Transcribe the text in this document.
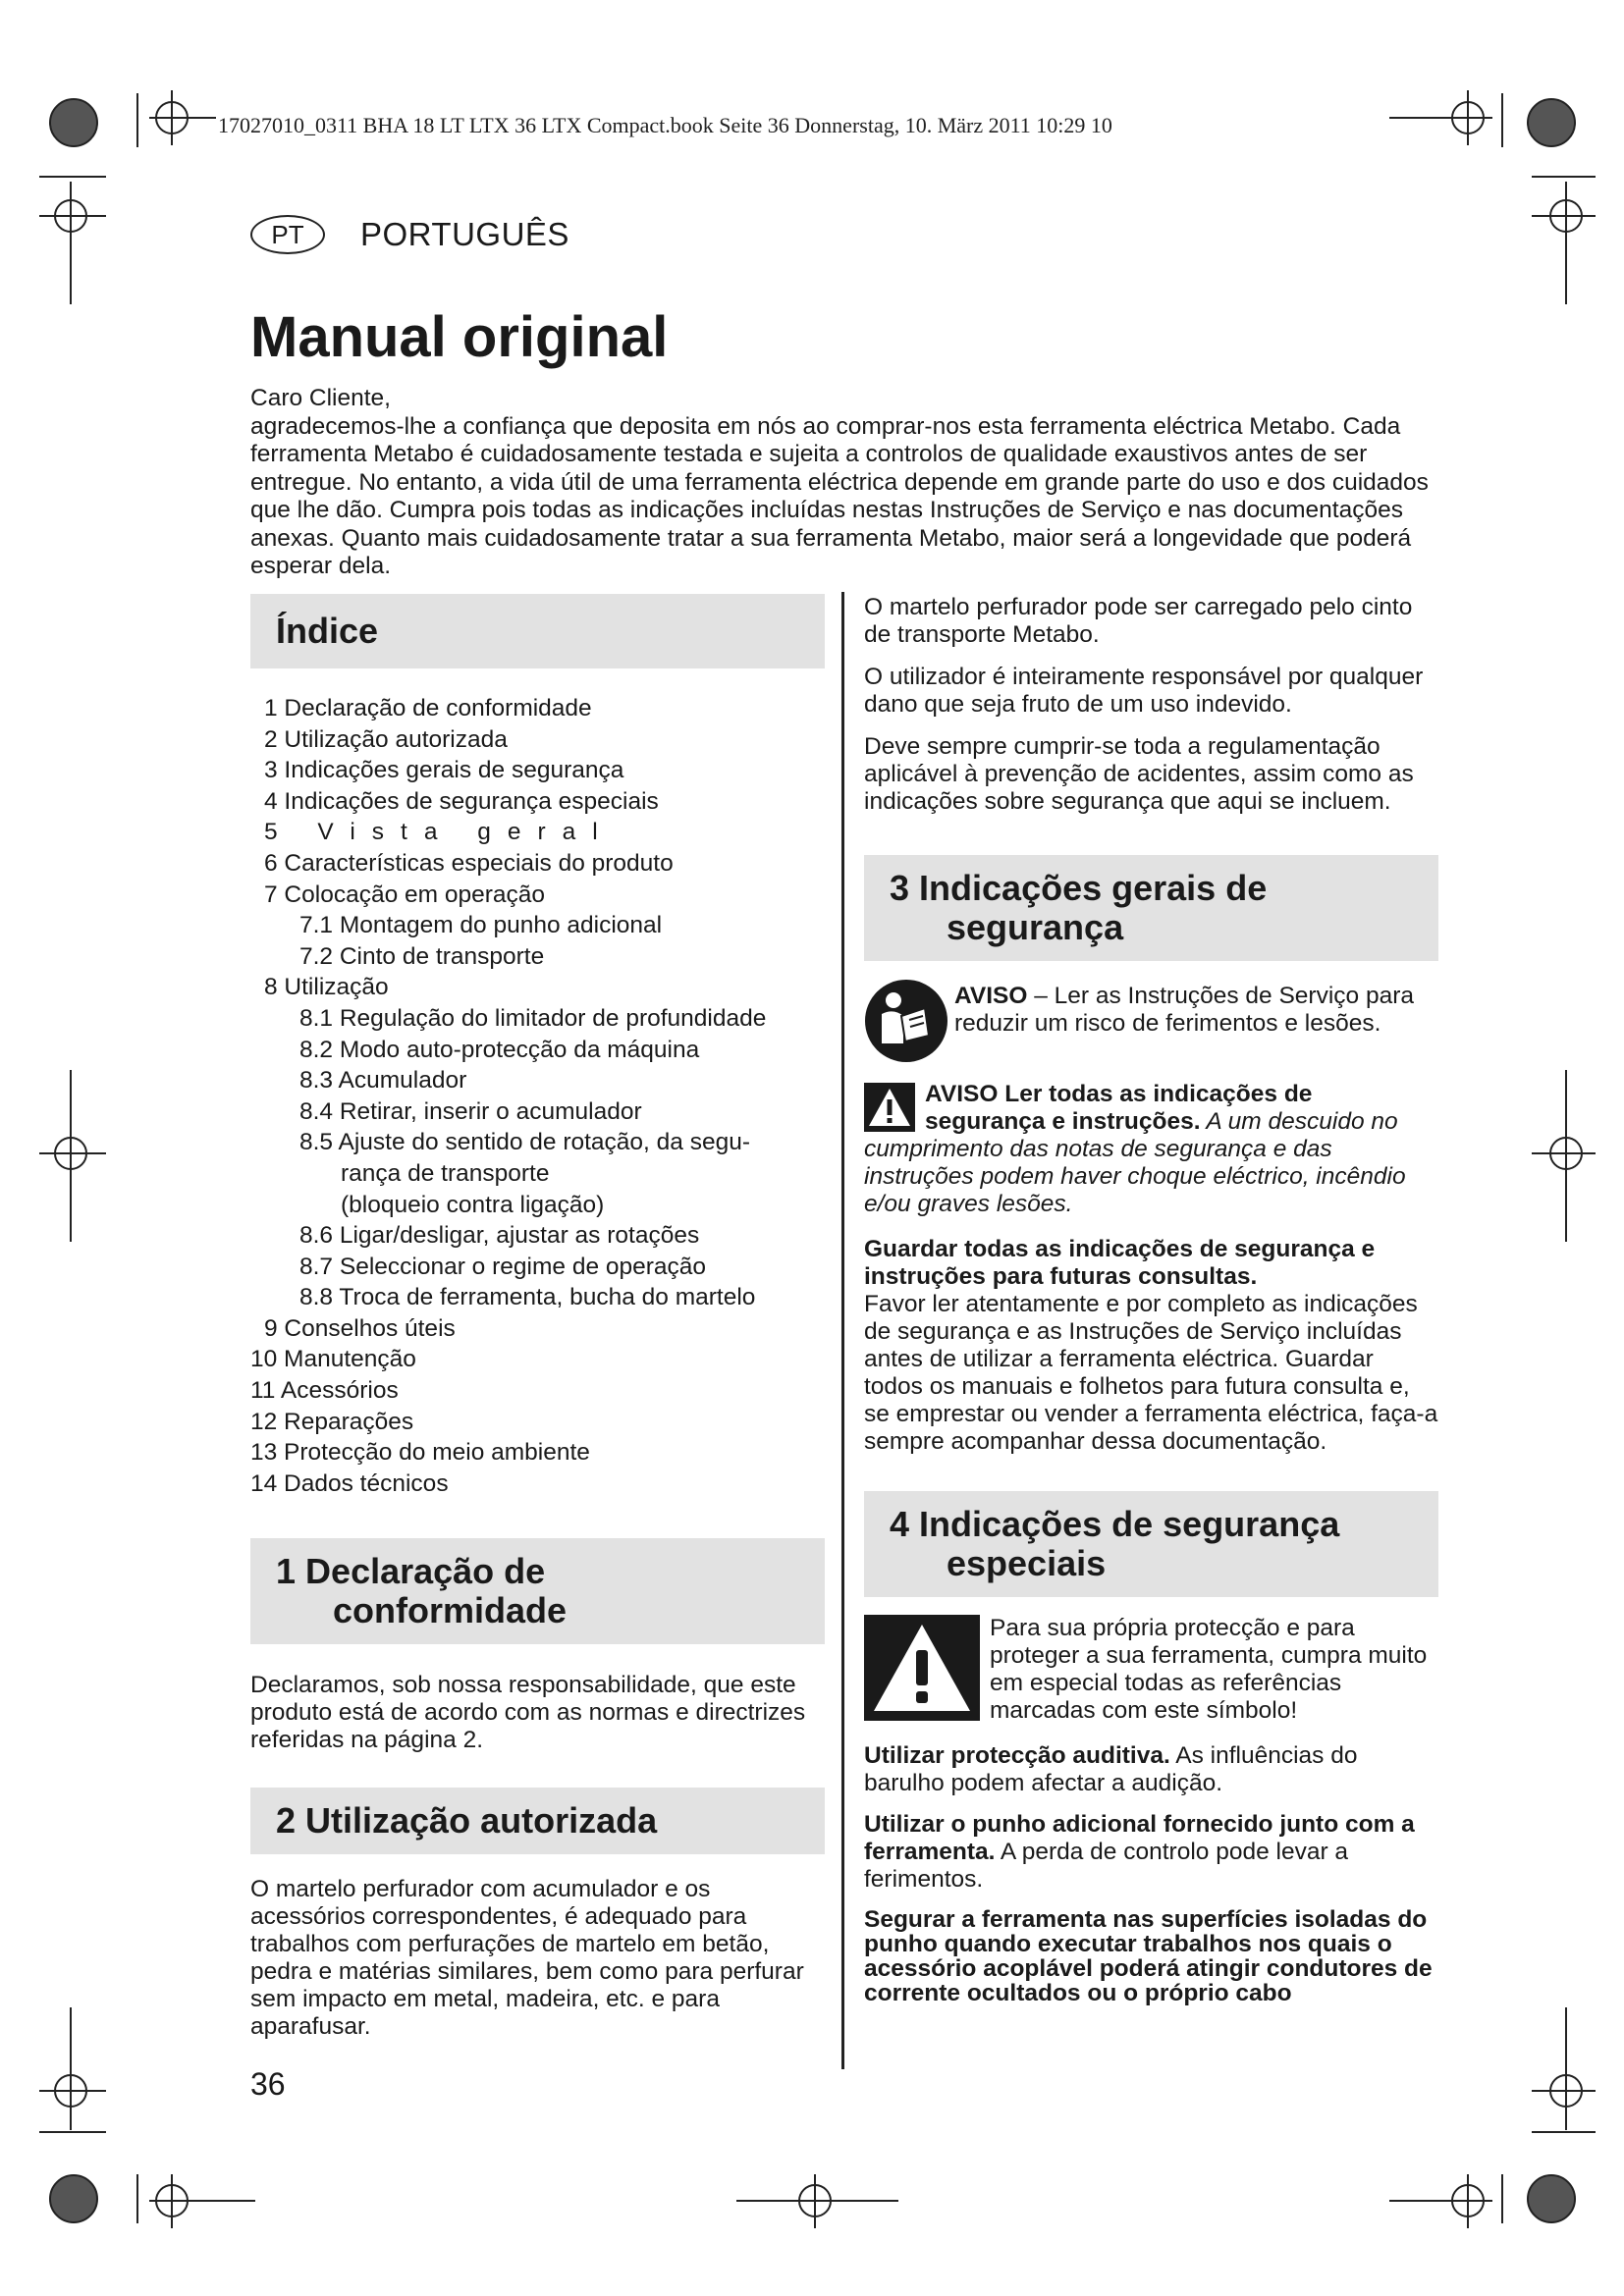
17027010_0311 BHA 18 LT LTX 36 LTX Compact.book Seite 36 Donnerstag, 10. März 2011 10:29 10
PT	PORTUGUÊS
Manual original

Caro Cliente,

agradecemos-lhe a confiança que deposita em nós ao comprar-nos esta ferramenta eléctrica Metabo. Cada ferramenta Metabo é cuidadosamente testada e sujeita a controlos de qualidade exaustivos antes de ser entregue. No entanto, a vida útil de uma ferramenta eléctrica depende em grande parte do uso e dos cuidados que lhe dão. Cumpra pois todas as indicações incluídas nestas Instruções de Serviço e nas documentações anexas. Quanto mais cuidadosamente tratar a sua ferramenta Metabo, maior será a longevidade que poderá esperar dela.

Índice
1 Declaração de conformidade
2 Utilização autorizada
3 Indicações gerais de segurança
4 Indicações de segurança especiais
5 Vista geral
6 Características especiais do produto
7 Colocação em operação
7.1 Montagem do punho adicional
7.2 Cinto de transporte
8 Utilização
8.1 Regulação do limitador de profundidade
8.2 Modo auto-protecção da máquina
8.3 Acumulador
8.4 Retirar, inserir o acumulador
8.5 Ajuste do sentido de rotação, da segu-
rança de transporte
(bloqueio contra ligação)
8.6 Ligar/desligar, ajustar as rotações
8.7 Seleccionar o regime de operação
8.8 Troca de ferramenta, bucha do martelo
9 Conselhos úteis
10 Manutenção
11 Acessórios
12 Reparações
13 Protecção do meio ambiente
14 Dados técnicos
1 Declaração de
conformidade

Declaramos, sob nossa responsabilidade, que este produto está de acordo com as normas e directrizes referidas na página 2.

2 Utilização autorizada

O martelo perfurador com acumulador e os acessórios correspondentes, é adequado para trabalhos com perfurações de martelo em betão, pedra e matérias similares, bem como para perfurar sem impacto em metal, madeira, etc. e para aparafusar.

O martelo perfurador pode ser carregado pelo cinto de transporte Metabo.

O utilizador é inteiramente responsável por qualquer dano que seja fruto de um uso indevido.

Deve sempre cumprir-se toda a regulamentação aplicável à prevenção de acidentes, assim como as indicações sobre segurança que aqui se incluem.

3 Indicações gerais de
segurança

AVISO – Ler as Instruções de Serviço para reduzir um risco de ferimentos e lesões.

AVISO Ler todas as indicações de segurança e instruções. A um descuido no cumprimento das notas de segurança e das instruções podem haver choque eléctrico, incêndio e/ou graves lesões.

Guardar todas as indicações de segurança e instruções para futuras consultas.
Favor ler atentamente e por completo as indicações de segurança e as Instruções de Serviço incluídas antes de utilizar a ferramenta eléctrica. Guardar todos os manuais e folhetos para futura consulta e, se emprestar ou vender a ferramenta eléctrica, faça-a sempre acompanhar dessa documentação.

4 Indicações de segurança
especiais

Para sua própria protecção e para proteger a sua ferramenta, cumpra muito em especial todas as referências marcadas com este símbolo!

Utilizar protecção auditiva. As influências do barulho podem afectar a audição.

Utilizar o punho adicional fornecido junto com a ferramenta. A perda de controlo pode levar a ferimentos.

Segurar a ferramenta nas superfícies isoladas do punho quando executar trabalhos nos quais o acessório acoplável poderá atingir condutores de corrente ocultados ou o próprio cabo

36
